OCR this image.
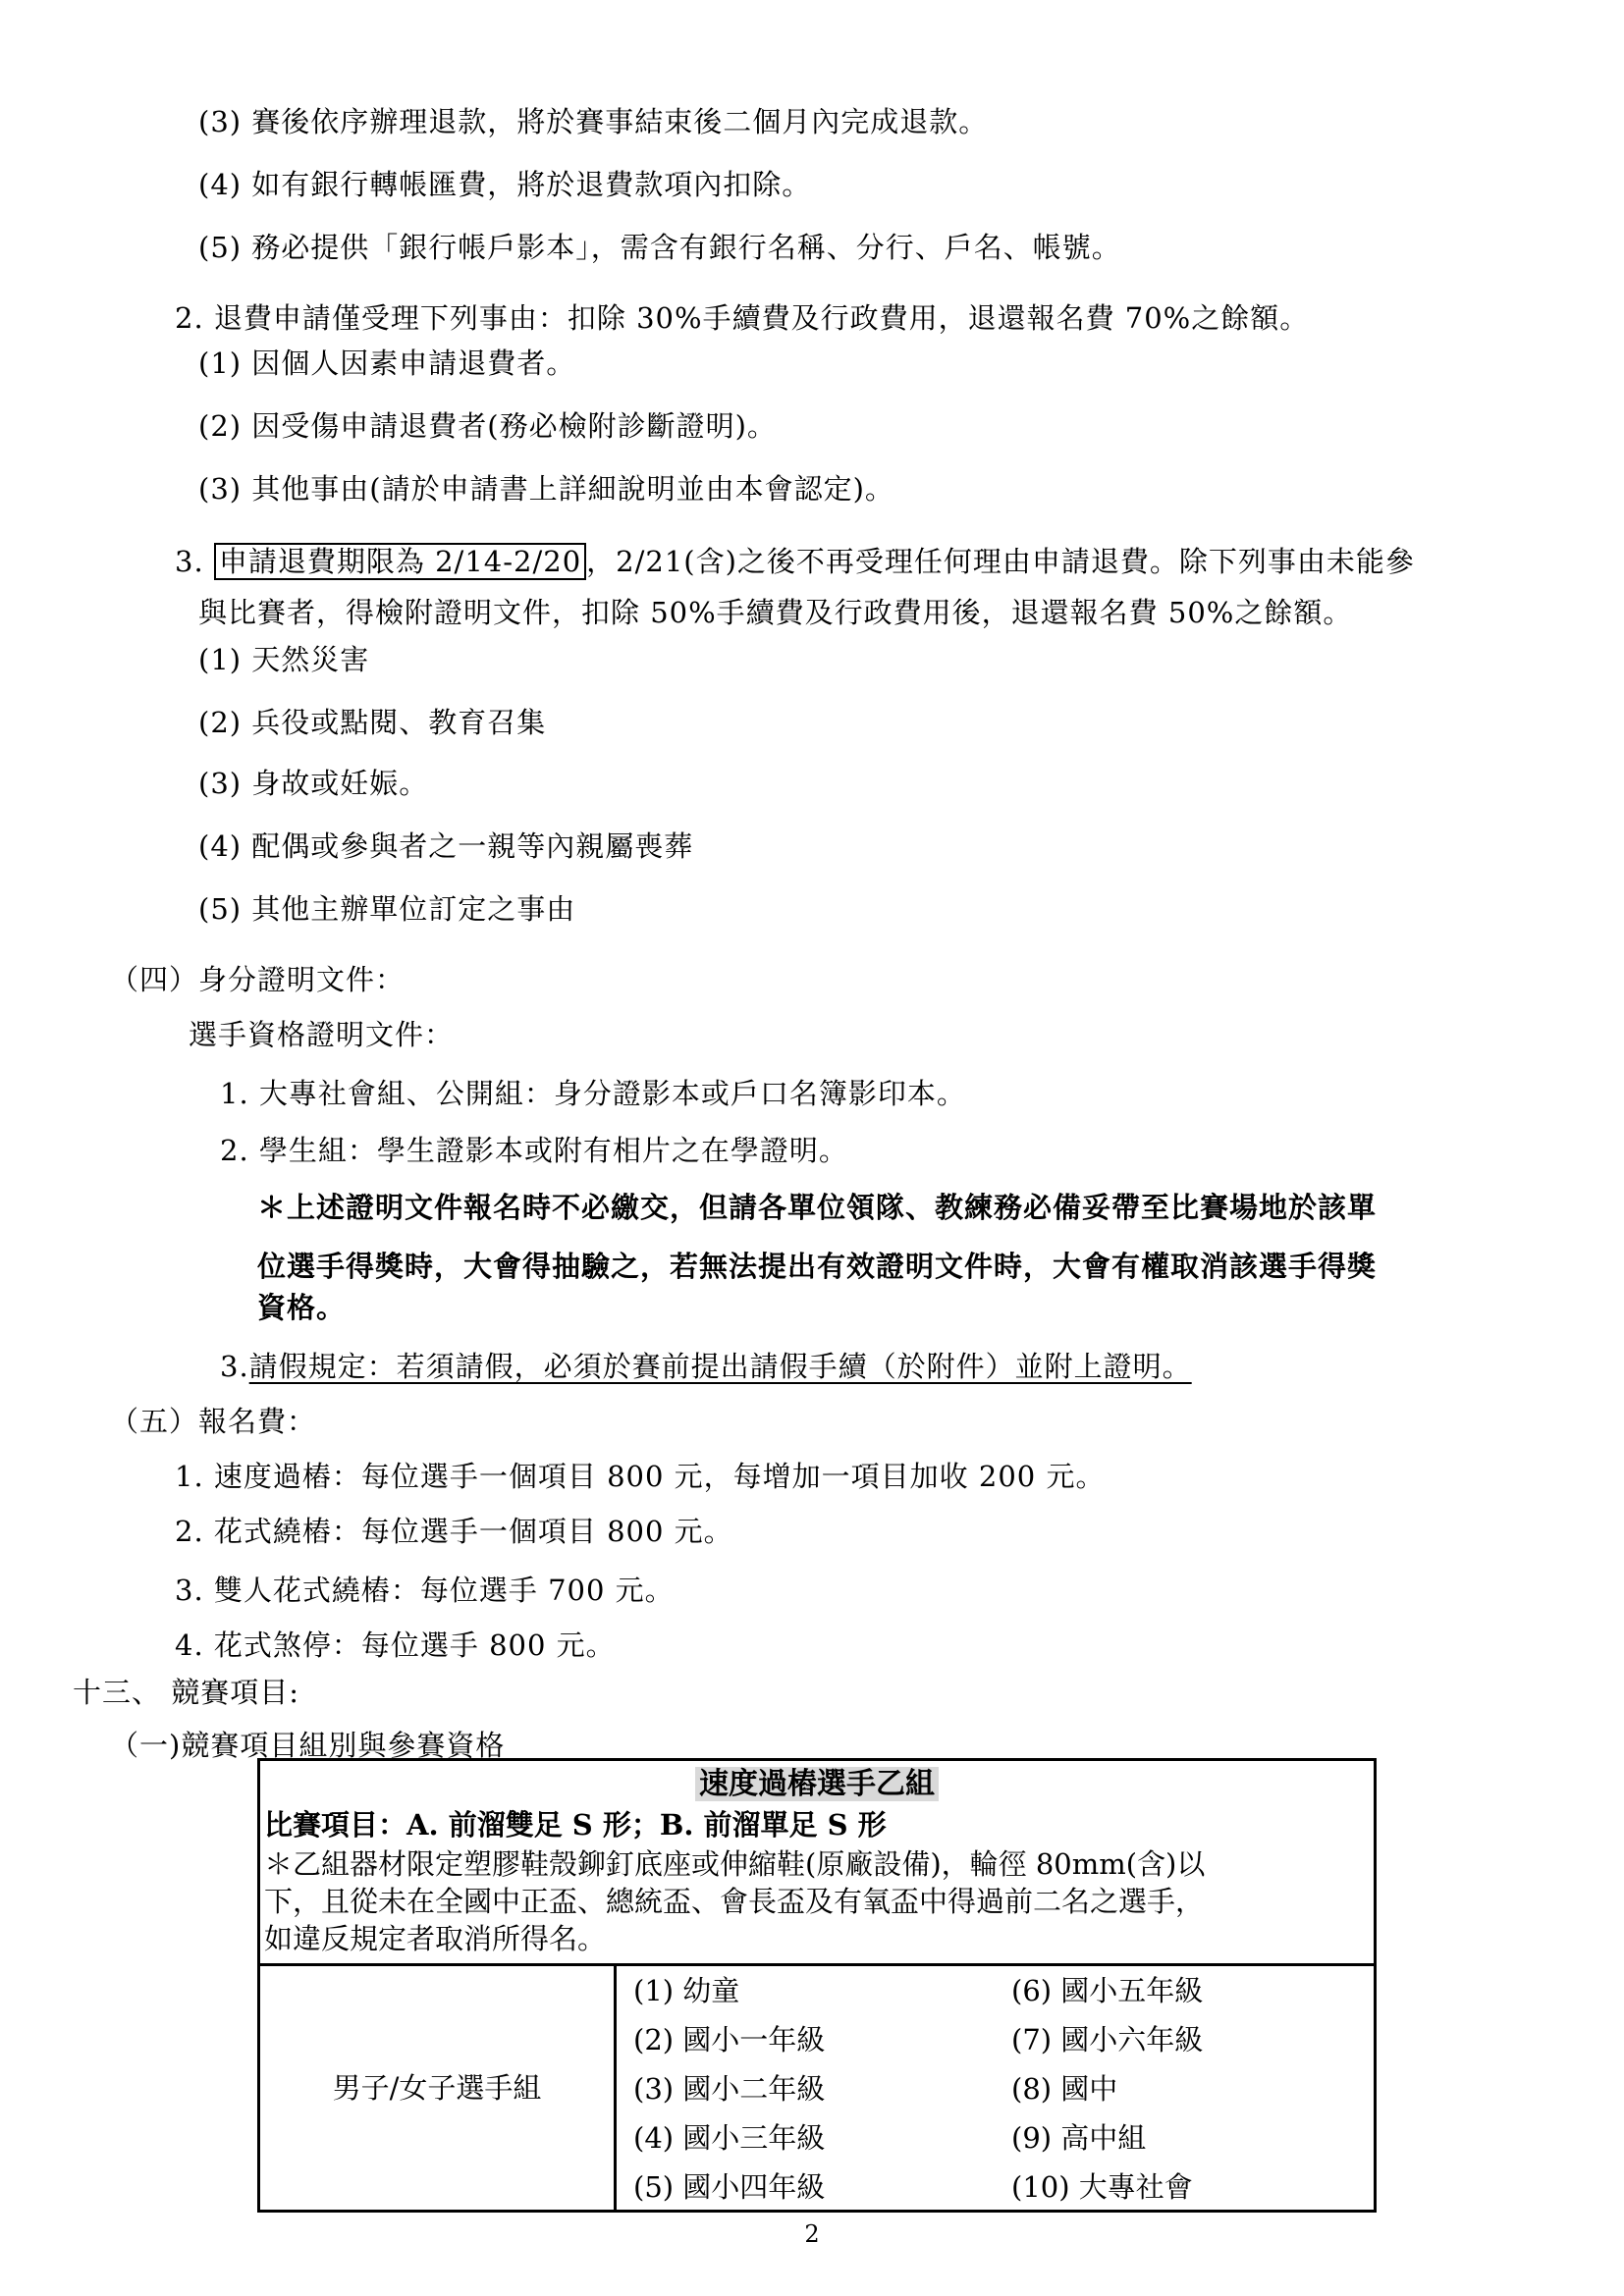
(3) 賽後依序辦理退款，將於賽事結束後二個月內完成退款。
(4) 如有銀行轉帳匯費，將於退費款項內扣除。
(5) 務必提供「銀行帳戶影本」，需含有銀行名稱、分行、戶名、帳號。
2. 退費申請僅受理下列事由：扣除 30%手續費及行政費用，退還報名費 70%之餘額。
(1) 因個人因素申請退費者。
(2) 因受傷申請退費者(務必檢附診斷證明)。
(3) 其他事由(請於申請書上詳細說明並由本會認定)。
3. 申請退費期限為 2/14-2/20 ，2/21(含)之後不再受理任何理由申請退費。除下列事由未能參
與比賽者，得檢附證明文件，扣除 50%手續費及行政費用後，退還報名費 50%之餘額。
(1) 天然災害
(2) 兵役或點閱、教育召集
(3) 身故或妊娠。
(4) 配偶或參與者之一親等內親屬喪葬
(5) 其他主辦單位訂定之事由
（四）身分證明文件：
選手資格證明文件：
1. 大專社會組、公開組：身分證影本或戶口名簿影印本。
2. 學生組：學生證影本或附有相片之在學證明。
＊上述證明文件報名時不必繳交，但請各單位領隊、教練務必備妥帶至比賽場地於該單
位選手得獎時，大會得抽驗之，若無法提出有效證明文件時，大會有權取消該選手得獎
資格。
3.請假規定：若須請假，必須於賽前提出請假手續（於附件）並附上證明。
（五）報名費：
1. 速度過樁：每位選手一個項目 800 元，每增加一項目加收 200 元。
2. 花式繞樁：每位選手一個項目 800 元。
3. 雙人花式繞樁：每位選手 700 元。
4. 花式煞停：每位選手 800 元。
十三、 競賽項目:
（一)競賽項目組別與參賽資格
速度過樁選手乙組
比賽項目：A. 前溜雙足 S 形；B. 前溜單足 S 形
＊乙組器材限定塑膠鞋殼鉚釘底座或伸縮鞋(原廠設備)，輪徑 80mm(含)以
下，且從未在全國中正盃、總統盃、會長盃及有氧盃中得過前二名之選手，
如違反規定者取消所得名。
男子/女子選手組
(1) 幼童
(2) 國小一年級
(3) 國小二年級
(4) 國小三年級
(5) 國小四年級
(6) 國小五年級
(7) 國小六年級
(8) 國中
(9) 高中組
(10) 大專社會
2
